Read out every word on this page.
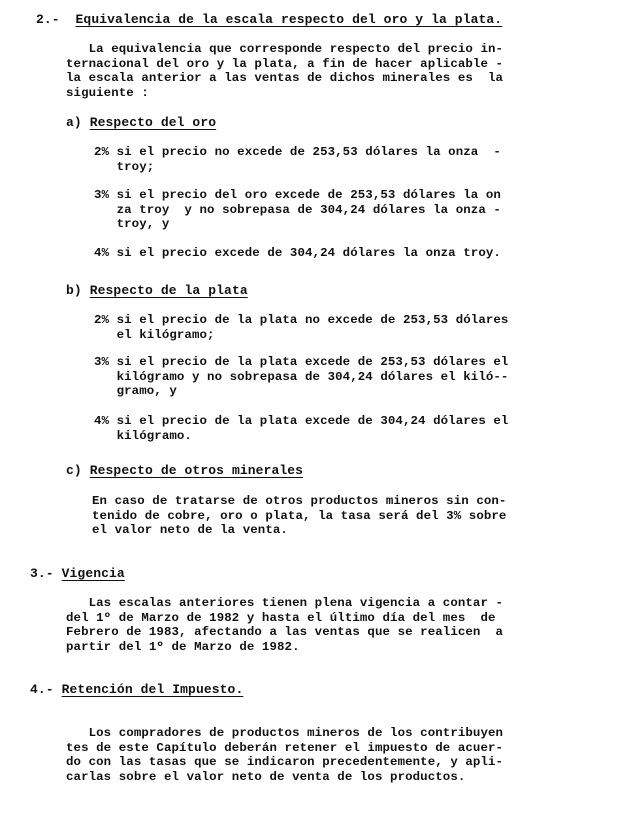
2.- Equivalencia de la escala respecto del oro y la plata.
La equivalencia que corresponde respecto del precio in-
ternacional del oro y la plata, a fin de hacer aplicable -
la escala anterior a las ventas de dichos minerales es  la
siguiente :
a) Respecto del oro
2% si el precio no excede de 253,53 dólares la onza  -
troy;
3% si el precio del oro excede de 253,53 dólares la on
za troy  y no sobrepasa de 304,24 dólares la onza -
troy, y
4% si el precio excede de 304,24 dólares la onza troy.
b) Respecto de la plata
2% si el precio de la plata no excede de 253,53 dólares
el kilógramo;
3% si el precio de la plata excede de 253,53 dólares el
kilógramo y no sobrepasa de 304,24 dólares el kiló--
gramo, y
4% si el precio de la plata excede de 304,24 dólares el
kilógramo.
c) Respecto de otros minerales
En caso de tratarse de otros productos mineros sin con-
tenido de cobre, oro o plata, la tasa será del 3% sobre
el valor neto de la venta.
3.- Vigencia
Las escalas anteriores tienen plena vigencia a contar -
del 1º de Marzo de 1982 y hasta el último día del mes  de
Febrero de 1983, afectando a las ventas que se realicen  a
partir del 1º de Marzo de 1982.
4.- Retención del Impuesto.
Los compradores de productos mineros de los contribuyen
tes de este Capítulo deberán retener el impuesto de acuer-
do con las tasas que se indicaron precedentemente, y apli-
carlas sobre el valor neto de venta de los productos.
